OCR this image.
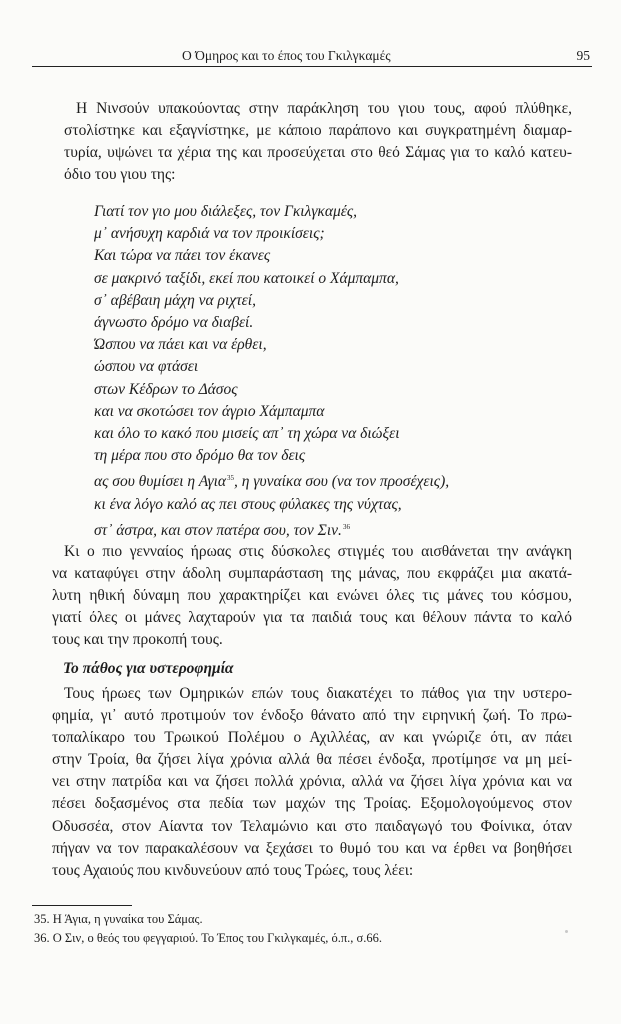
Ο Όμηρος και το έπος του Γκιλγκαμές	95

Η Νινσούν υπακούοντας στην παράκληση του γιου τους, αφού πλύθηκε,
στολίστηκε και εξαγνίστηκε, με κάποιο παράπονο και συγκρατημένη διαμαρ-
τυρία, υψώνει τα χέρια της και προσεύχεται στο θεό Σάμας για το καλό κατευ-
όδιο του γιου της:

Γιατί τον γιο μου διάλεξες, τον Γκιλγκαμές,
μ᾽ ανήσυχη καρδιά να τον προικίσεις;
Και τώρα να πάει τον έκανες
σε μακρινό ταξίδι, εκεί που κατοικεί ο Χάμπαμπα,
σ᾽ αβέβαιη μάχη να ριχτεί,
άγνωστο δρόμο να διαβεί.
Ώσπου να πάει και να έρθει,
ώσπου να φτάσει
στων Κέδρων το Δάσος
και να σκοτώσει τον άγριο Χάμπαμπα
και όλο το κακό που μισείς απ᾽ τη χώρα να διώξει
τη μέρα που στο δρόμο θα τον δεις
ας σου θυμίσει η Αγια$^{35}$, η γυναίκα σου (να τον προσέχεις),
κι ένα λόγο καλό ας πει στους φύλακες της νύχτας,
στ᾽ άστρα, και στον πατέρα σου, τον Σιν.$^{36}$

Κι ο πιο γενναίος ήρωας στις δύσκολες στιγμές του αισθάνεται την ανάγκη
να καταφύγει στην άδολη συμπαράσταση της μάνας, που εκφράζει μια ακατά-
λυτη ηθική δύναμη που χαρακτηρίζει και ενώνει όλες τις μάνες του κόσμου,
γιατί όλες οι μάνες λαχταρούν για τα παιδιά τους και θέλουν πάντα το καλό
τους και την προκοπή τους.

Το πάθος για υστεροφημία

Τους ήρωες των Ομηρικών επών τους διακατέχει το πάθος για την υστερο-
φημία, γι᾽ αυτό προτιμούν τον ένδοξο θάνατο από την ειρηνική ζωή. Το πρω-
τοπαλίκαρο του Τρωικού Πολέμου ο Αχιλλέας, αν και γνώριζε ότι, αν πάει
στην Τροία, θα ζήσει λίγα χρόνια αλλά θα πέσει ένδοξα, προτίμησε να μη μεί-
νει στην πατρίδα και να ζήσει πολλά χρόνια, αλλά να ζήσει λίγα χρόνια και να
πέσει δοξασμένος στα πεδία των μαχών της Τροίας. Εξομολογούμενος στον
Οδυσσέα, στον Αίαντα τον Τελαμώνιο και στο παιδαγωγό του Φοίνικα, όταν
πήγαν να τον παρακαλέσουν να ξεχάσει το θυμό του και να έρθει να βοηθήσει
τους Αχαιούς που κινδυνεύουν από τους Τρώες, τους λέει:

35. Η Άγια, η γυναίκα του Σάμας.
36. Ο Σιν, ο θεός του φεγγαριού. Το Έπος του Γκιλγκαμές, ό.π., σ.66.
